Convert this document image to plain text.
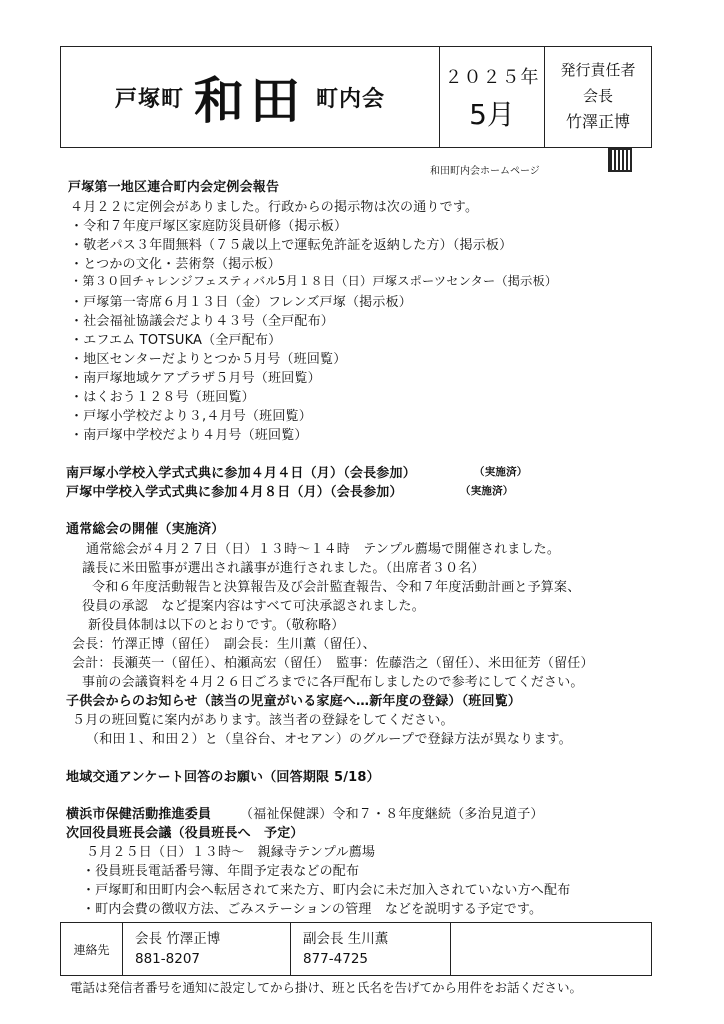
戸塚町 和田 町内会
２０２５年
5月
発行責任者
会長
竹澤正博
和田町内会ホームページ
戸塚第一地区連合町内会定例会報告
４月２２に定例会がありました。行政からの掲示物は次の通りです。
・令和７年度戸塚区家庭防災員研修（掲示板）
・敬老パス３年間無料（７５歳以上で運転免許証を返納した方）（掲示板）
・とつかの文化・芸術祭（掲示板）
・第３０回チャレンジフェスティバル5月１８日（日）戸塚スポーツセンター（掲示板）
・戸塚第一寄席６月１３日（金）フレンズ戸塚（掲示板）
・社会福祉協議会だより４３号（全戸配布）
・エフエム TOTSUKA（全戸配布）
・地区センターだよりとつか５月号（班回覧）
・南戸塚地域ケアプラザ５月号（班回覧）
・はくおう１２８号（班回覧）
・戸塚小学校だより３,４月号（班回覧）
・南戸塚中学校だより４月号（班回覧）
南戸塚小学校入学式式典に参加４月４日（月）（会長参加）	（実施済）
戸塚中学校入学式式典に参加４月８日（月）（会長参加）	（実施済）
通常総会の開催（実施済）
通常総会が４月２７日（日）１３時～１４時　テンプル薦場で開催されました。
議長に米田監事が選出され議事が進行されました。（出席者３０名）
令和６年度活動報告と決算報告及び会計監査報告、令和７年度活動計画と予算案、
役員の承認　など提案内容はすべて可決承認されました。
新役員体制は以下のとおりです。（敬称略）
会長：竹澤正博（留任）　副会長：生川薫（留任）、
会計：長瀬英一（留任）、柏瀬高宏（留任）　監事：佐藤浩之（留任）、米田征芳（留任）
事前の会議資料を４月２６日ごろまでに各戸配布しましたので参考にしてください。
子供会からのお知らせ（該当の児童がいる家庭へ…新年度の登録）（班回覧）
５月の班回覧に案内があります。該当者の登録をしてください。
（和田１、和田２）と（皇谷台、オセアン）のグループで登録方法が異なります。
地域交通アンケート回答のお願い（回答期限 5/18）
横浜市保健活動推進委員 （福祉保健課）令和７・８年度継続（多治見道子）
次回役員班長会議（役員班長へ　予定）
５月２５日（日）１３時～　親縁寺テンプル薦場
・役員班長電話番号簿、年間予定表などの配布
・戸塚町和田町内会へ転居されて来た方、町内会に未だ加入されていない方へ配布
・町内会費の徴収方法、ごみステーションの管理　などを説明する予定です。
連絡先
会長 竹澤正博
881-8207
副会長 生川薫
877-4725
電話は発信者番号を通知に設定してから掛け、班と氏名を告げてから用件をお話ください。
